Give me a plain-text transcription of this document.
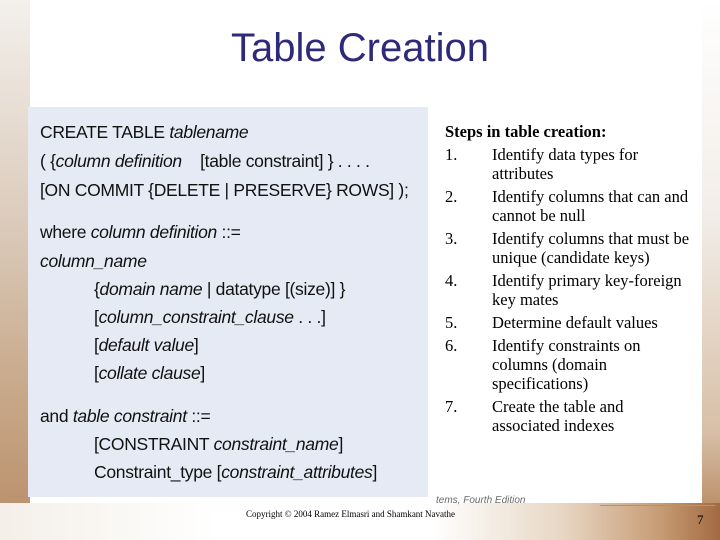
Table Creation
CREATE TABLE tablename
( {column definition    [table constraint] } . . . .
[ON COMMIT {DELETE | PRESERVE} ROWS] );
where column definition ::=
column_name
{domain name | datatype [(size)] }
[column_constraint_clause . . .]
[default value]
[collate clause]
and table constraint ::=
[CONSTRAINT constraint_name]
Constraint_type [constraint_attributes]
Steps in table creation:
1.	Identify data types for attributes
2.	Identify columns that can and cannot be null
3.	Identify columns that must be unique (candidate keys)
4.	Identify primary key-foreign key mates
5.	Determine default values
6.	Identify constraints on columns (domain specifications)
7.	Create the table and associated indexes
tems, Fourth Edition
Copyright © 2004 Ramez Elmasri and Shamkant Navathe	7
